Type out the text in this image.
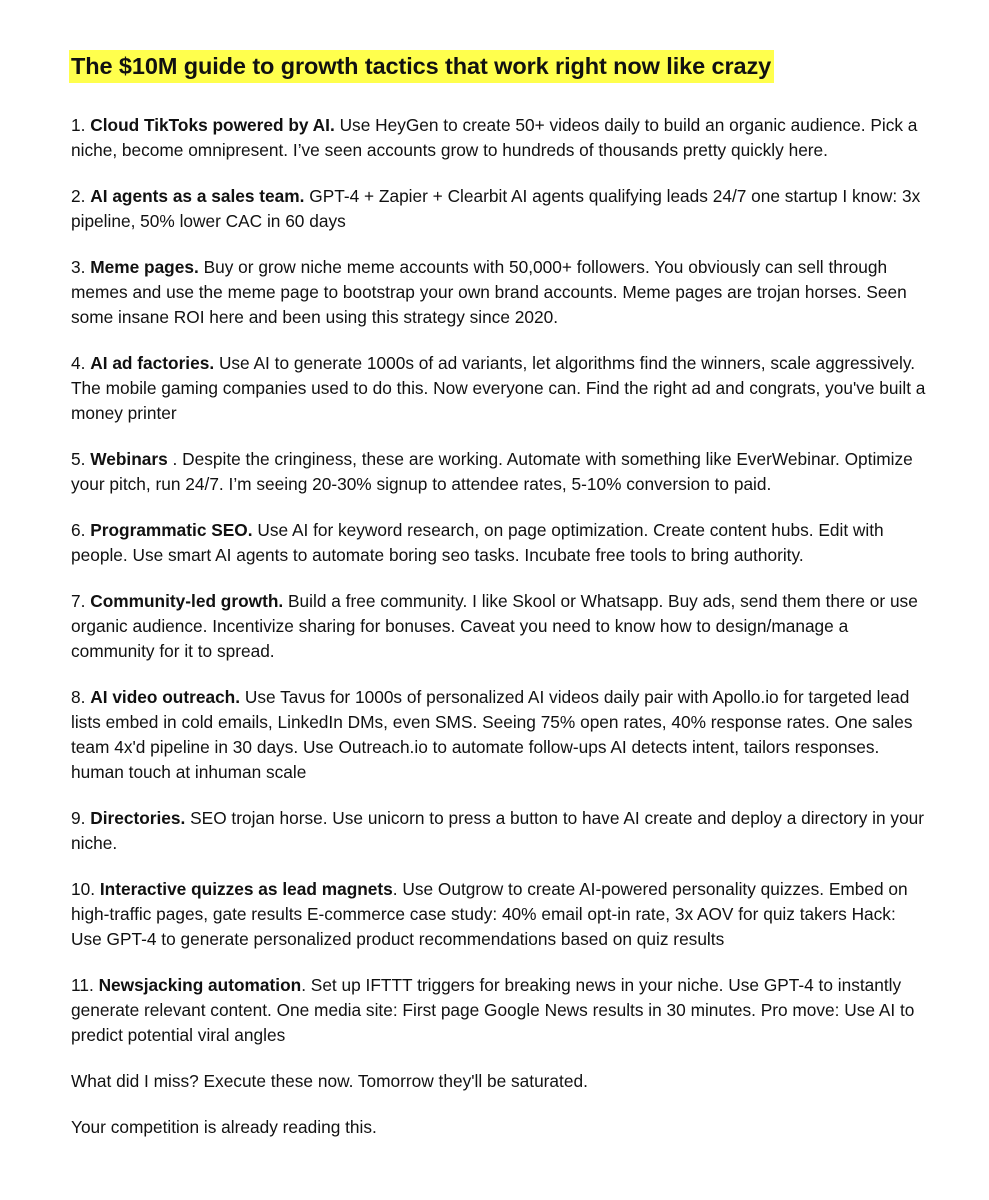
The $10M guide to growth tactics that work right now like crazy
1. Cloud TikToks powered by AI. Use HeyGen to create 50+ videos daily to build an organic audience. Pick a niche, become omnipresent. I’ve seen accounts grow to hundreds of thousands pretty quickly here.
2. AI agents as a sales team. GPT-4 + Zapier + Clearbit AI agents qualifying leads 24/7 one startup I know: 3x pipeline, 50% lower CAC in 60 days
3. Meme pages. Buy or grow niche meme accounts with 50,000+ followers. You obviously can sell through memes and use the meme page to bootstrap your own brand accounts. Meme pages are trojan horses. Seen some insane ROI here and been using this strategy since 2020.
4. AI ad factories. Use AI to generate 1000s of ad variants, let algorithms find the winners, scale aggressively. The mobile gaming companies used to do this. Now everyone can. Find the right ad and congrats, you've built a money printer
5. Webinars . Despite the cringiness, these are working. Automate with something like EverWebinar. Optimize your pitch, run 24/7. I’m seeing 20-30% signup to attendee rates, 5-10% conversion to paid.
6. Programmatic SEO. Use AI for keyword research, on page optimization. Create content hubs. Edit with people. Use smart AI agents to automate boring seo tasks. Incubate free tools to bring authority.
7. Community-led growth. Build a free community. I like Skool or Whatsapp. Buy ads, send them there or use organic audience. Incentivize sharing for bonuses. Caveat you need to know how to design/manage a community for it to spread.
8. AI video outreach. Use Tavus for 1000s of personalized AI videos daily pair with Apollo.io for targeted lead lists embed in cold emails, LinkedIn DMs, even SMS. Seeing 75% open rates, 40% response rates. One sales team 4x'd pipeline in 30 days. Use Outreach.io to automate follow-ups AI detects intent, tailors responses. human touch at inhuman scale
9. Directories. SEO trojan horse. Use unicorn to press a button to have AI create and deploy a directory in your niche.
10. Interactive quizzes as lead magnets. Use Outgrow to create AI-powered personality quizzes. Embed on high-traffic pages, gate results E-commerce case study: 40% email opt-in rate, 3x AOV for quiz takers Hack: Use GPT-4 to generate personalized product recommendations based on quiz results
11. Newsjacking automation. Set up IFTTT triggers for breaking news in your niche. Use GPT-4 to instantly generate relevant content. One media site: First page Google News results in 30 minutes. Pro move: Use AI to predict potential viral angles
What did I miss? Execute these now. Tomorrow they'll be saturated.
Your competition is already reading this.
